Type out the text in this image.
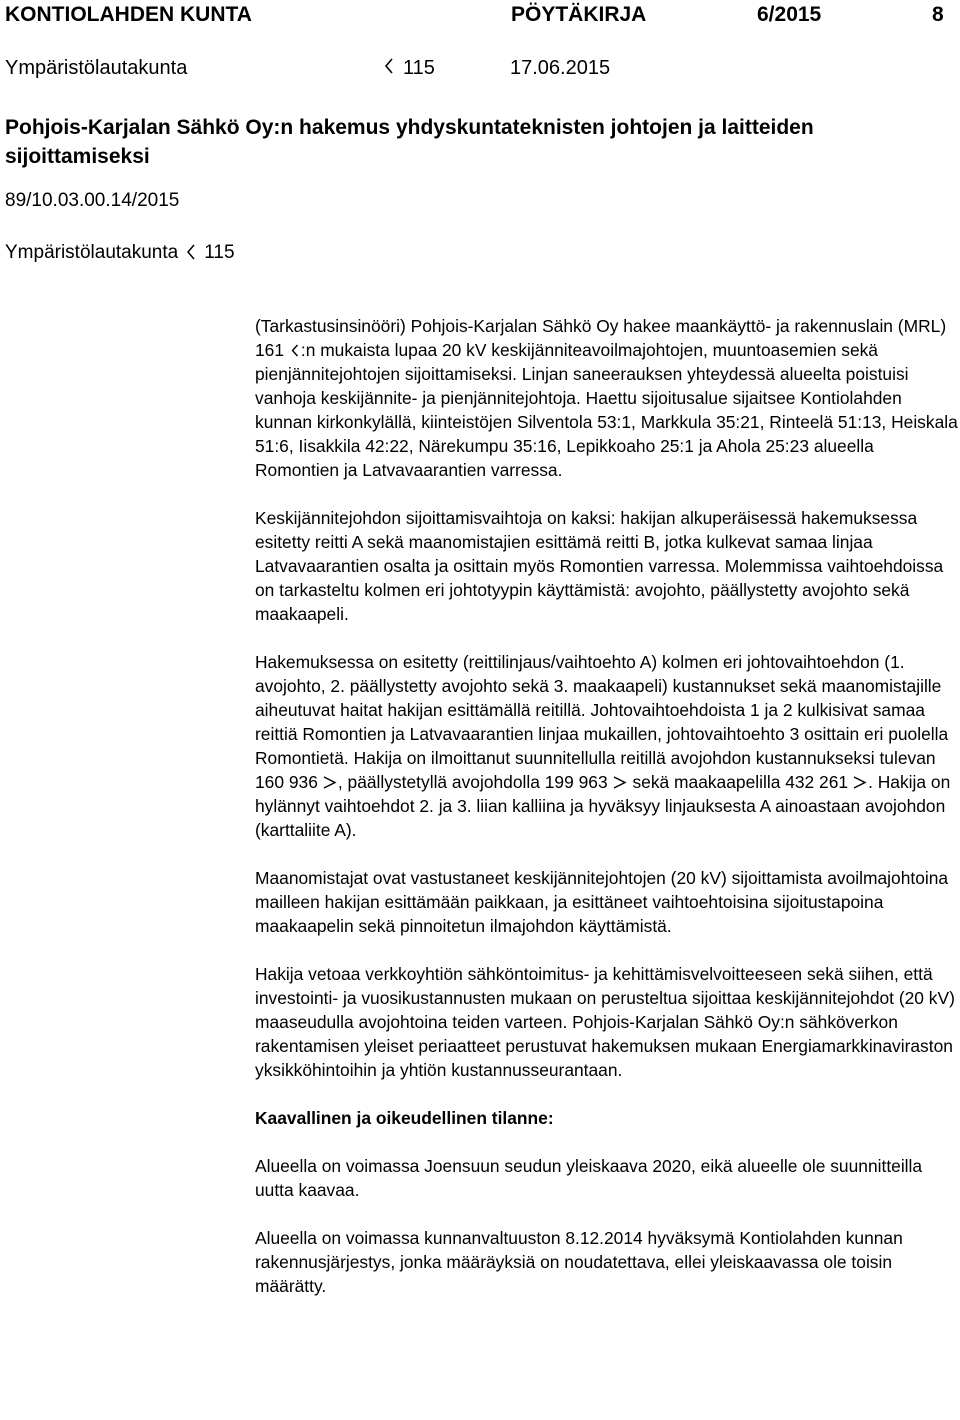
KONTIOLAHDEN KUNTA	PÖYTÄKIRJA	6/2015	8
Ympäristölautakunta	115	17.06.2015
Pohjois-Karjalan Sähkö Oy:n hakemus yhdyskuntateknisten johtojen ja laitteiden sijoittamiseksi
89/10.03.00.14/2015
Ympäristölautakunta 115

(Tarkastusinsinööri) Pohjois-Karjalan Sähkö Oy hakee maankäyttö- ja rakennuslain (MRL) 161 :n mukaista lupaa 20 kV keskijänniteavoilmajohtojen, muuntoasemien sekä pienjännitejohtojen sijoittamiseksi. Linjan saneerauksen yhteydessä alueelta poistuisi vanhoja keskijännite- ja pienjännitejohtoja. Haettu sijoitusalue sijaitsee Kontiolahden kunnan kirkonkylällä, kiinteistöjen Silventola 53:1, Markkula 35:21, Rinteelä 51:13, Heiskala 51:6, Iisakkila 42:22, Närekumpu 35:16, Lepikkoaho 25:1 ja Ahola 25:23 alueella Romontien ja Latvavaarantien varressa.

Keskijännitejohdon sijoittamisvaihtoja on kaksi: hakijan alkuperäisessä hakemuksessa esitetty reitti A sekä maanomistajien esittämä reitti B, jotka kulkevat samaa linjaa Latvavaarantien osalta ja osittain myös Romontien varressa. Molemmissa vaihtoehdoissa on tarkasteltu kolmen eri johtotyypin käyttämistä: avojohto, päällystetty avojohto sekä maakaapeli.

Hakemuksessa on esitetty (reittilinjaus/vaihtoehto A) kolmen eri johtovaihtoehdon (1. avojohto, 2. päällystetty avojohto sekä 3. maakaapeli) kustannukset sekä maanomistajille aiheutuvat haitat hakijan esittämällä reitillä. Johtovaihtoehdoista 1 ja 2 kulkisivat samaa reittiä Romontien ja Latvavaarantien linjaa mukaillen, johtovaihtoehto 3 osittain eri puolella Romontietä. Hakija on ilmoittanut suunnitellulla reitillä avojohdon kustannukseksi tulevan 160 936 , päällystetyllä avojohdolla 199 963 sekä maakaapelilla 432 261 . Hakija on hylännyt vaihtoehdot 2. ja 3. liian kalliina ja hyväksyy linjauksesta A ainoastaan avojohdon (karttaliite A).

Maanomistajat ovat vastustaneet keskijännitejohtojen (20 kV) sijoittamista avoilmajohtoina mailleen hakijan esittämään paikkaan, ja esittäneet vaihtoehtoisina sijoitustapoina maakaapelin sekä pinnoitetun ilmajohdon käyttämistä.

Hakija vetoaa verkkoyhtiön sähköntoimitus- ja kehittämisvelvoitteeseen sekä siihen, että investointi- ja vuosikustannusten mukaan on perusteltua sijoittaa keskijännitejohdot (20 kV) maaseudulla avojohtoina teiden varteen. Pohjois-Karjalan Sähkö Oy:n sähköverkon rakentamisen yleiset periaatteet perustuvat hakemuksen mukaan Energiamarkkinaviraston yksikköhintoihin ja yhtiön kustannusseurantaan.

Kaavallinen ja oikeudellinen tilanne:

Alueella on voimassa Joensuun seudun yleiskaava 2020, eikä alueelle ole suunnitteilla uutta kaavaa.

Alueella on voimassa kunnanvaltuuston 8.12.2014 hyväksymä Kontiolahden kunnan rakennusjärjestys, jonka määräyksiä on noudatettava, ellei yleiskaavassa ole toisin määrätty.
